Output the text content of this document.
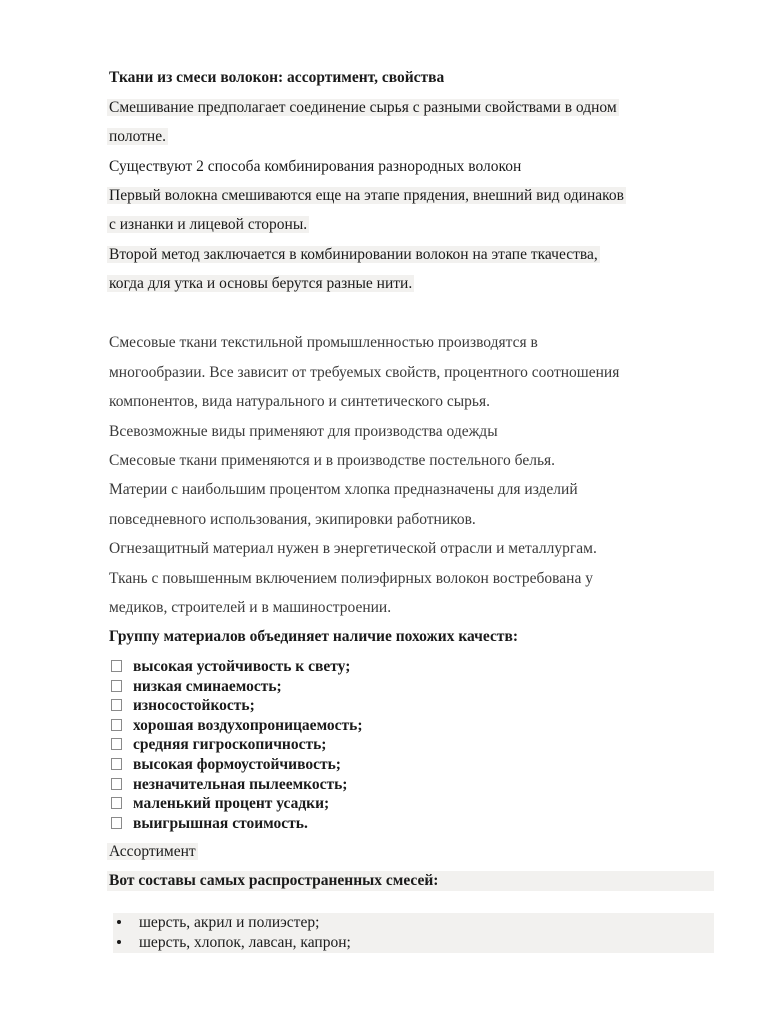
Ткани из смеси волокон: ассортимент, свойства
Смешивание предполагает соединение сырья с разными свойствами в одном
полотне.
Существуют 2 способа комбинирования разнородных волокон
Первый волокна смешиваются еще на этапе прядения, внешний вид одинаков
с изнанки и лицевой стороны.
Второй метод заключается в комбинировании волокон на этапе ткачества,
когда для утка и основы берутся разные нити.
Смесовые ткани текстильной промышленностью производятся в
многообразии. Все зависит от требуемых свойств, процентного соотношения
компонентов, вида натурального и синтетического сырья.
Всевозможные виды применяют для производства одежды
Смесовые ткани применяются и в производстве постельного белья.
Материи с наибольшим процентом хлопка предназначены для изделий
повседневного использования, экипировки работников.
Огнезащитный материал нужен в энергетической отрасли и металлургам.
Ткань с повышенным включением полиэфирных волокон востребована у
медиков, строителей и в машиностроении.
Группу материалов объединяет наличие похожих качеств:
высокая устойчивость к свету;
низкая сминаемость;
износостойкость;
хорошая воздухопроницаемость;
средняя гигроскопичность;
высокая формоустойчивость;
незначительная пылеемкость;
маленький процент усадки;
выигрышная стоимость.
Ассортимент
Вот составы самых распространенных смесей:
шерсть, акрил и полиэстер;
шерсть, хлопок, лавсан, капрон;
